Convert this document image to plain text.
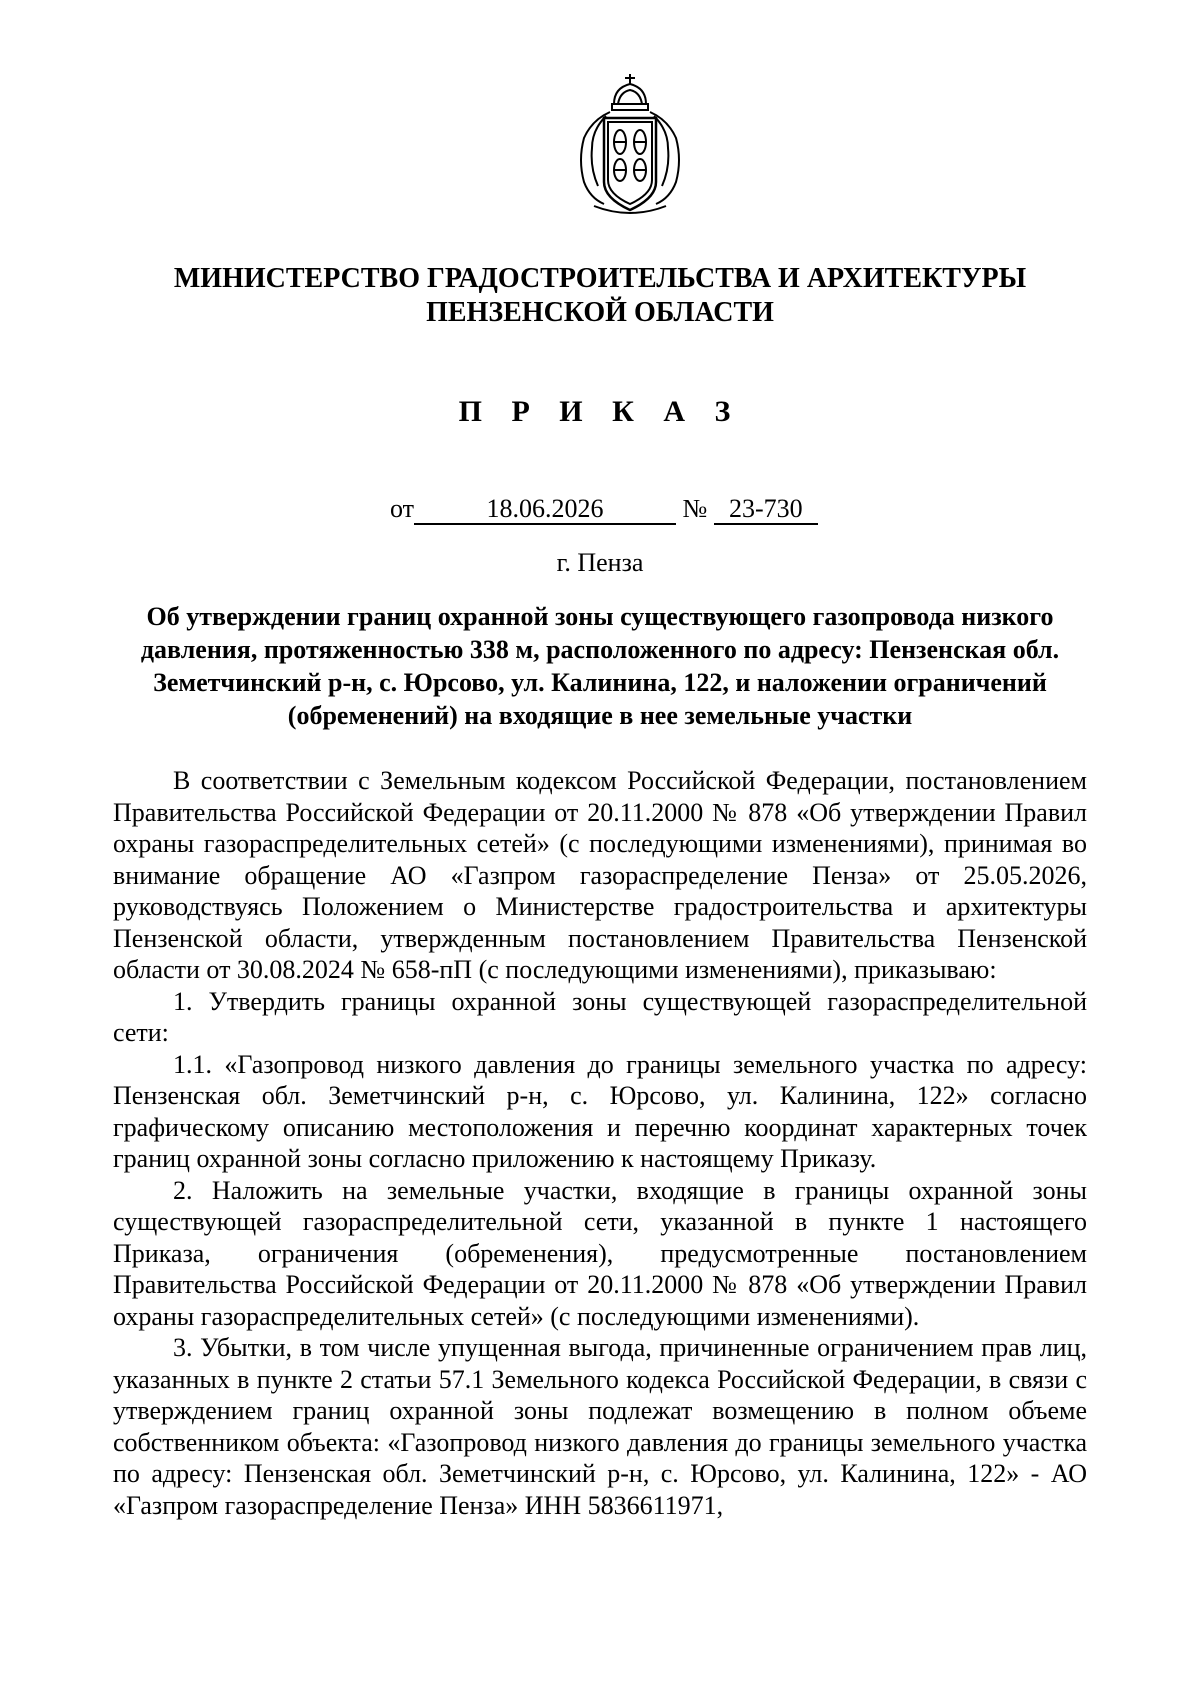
МИНИСТЕРСТВО ГРАДОСТРОИТЕЛЬСТВА И АРХИТЕКТУРЫ
ПЕНЗЕНСКОЙ ОБЛАСТИ
П Р И К А З
от	18.06.2026	№ 23-730
г. Пенза
Об утверждении границ охранной зоны существующего газопровода низкого давления, протяженностью 338 м, расположенного по адресу: Пензенская обл. Земетчинский р-н, с. Юрсово, ул. Калинина, 122, и наложении ограничений (обременений) на входящие в нее земельные участки

В соответствии с Земельным кодексом Российской Федерации, постановлением Правительства Российской Федерации от 20.11.2000 № 878 «Об утверждении Правил охраны газораспределительных сетей» (с последующими изменениями), принимая во внимание обращение АО «Газпром газораспределение Пенза» от 25.05.2026, руководствуясь Положением о Министерстве градостроительства и архитектуры Пензенской области, утвержденным постановлением Правительства Пензенской области от 30.08.2024 № 658-пП (с последующими изменениями), приказываю:

1. Утвердить границы охранной зоны существующей газораспределительной сети:

1.1. «Газопровод низкого давления до границы земельного участка по адресу: Пензенская обл. Земетчинский р-н, с. Юрсово, ул. Калинина, 122» согласно графическому описанию местоположения и перечню координат характерных точек границ охранной зоны согласно приложению к настоящему Приказу.

2. Наложить на земельные участки, входящие в границы охранной зоны существующей газораспределительной сети, указанной в пункте 1 настоящего Приказа, ограничения (обременения), предусмотренные постановлением Правительства Российской Федерации от 20.11.2000 № 878 «Об утверждении Правил охраны газораспределительных сетей» (с последующими изменениями).

3. Убытки, в том числе упущенная выгода, причиненные ограничением прав лиц, указанных в пункте 2 статьи 57.1 Земельного кодекса Российской Федерации, в связи с утверждением границ охранной зоны подлежат возмещению в полном объеме собственником объекта: «Газопровод низкого давления до границы земельного участка по адресу: Пензенская обл. Земетчинский р-н, с. Юрсово, ул. Калинина, 122» - АО «Газпром газораспределение Пенза» ИНН 5836611971,
